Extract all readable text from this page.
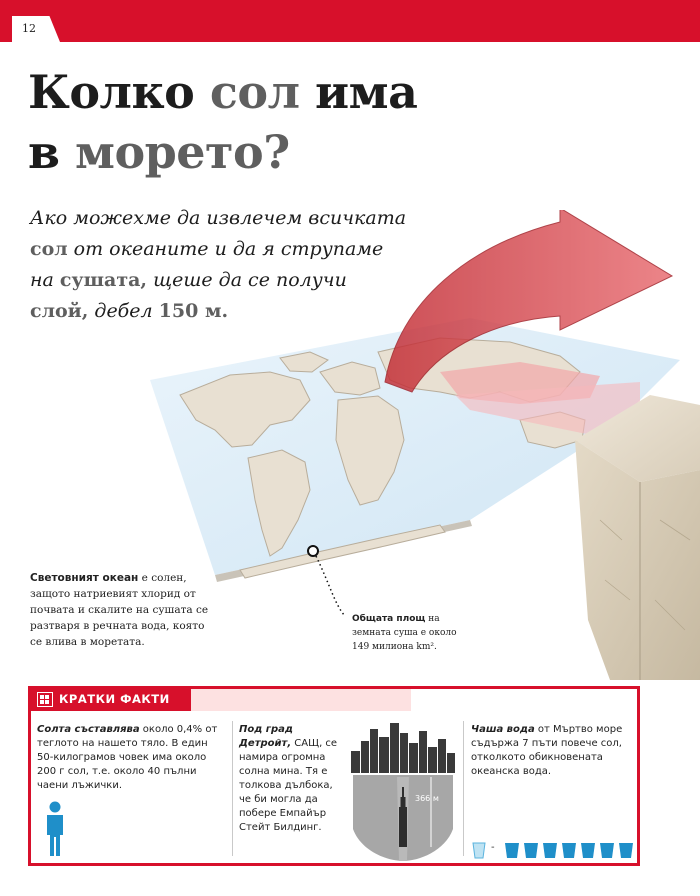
12
Колко сол има
в морето?
Ако можехме да извлечем всичката
сол от океаните и да я струпаме
на сушата, щеше да се получи
слой, дебел 150 м.
Световният океан е солен, защото натриевият хлорид от почвата и скалите на сушата се разтваря в речната вода, която се влива в моретата.
Общата площ на земната суша е около 149 милиона km².
КРАТКИ ФАКТИ
Солта съставлява около 0,4% от теглото на нашето тяло. В един 50-килограмов човек има около 200 г сол, т.е. около 40 пълни чаени лъжички.
Под град Детройт, САЩ, се намира огромна солна мина. Тя е толкова дълбока, че би могла да побере Емпайър Стейт Билдинг.
366 м
Чаша вода от Мъртво море съдържа 7 пъти повече сол, отколкото обикновената океанска вода.
-
